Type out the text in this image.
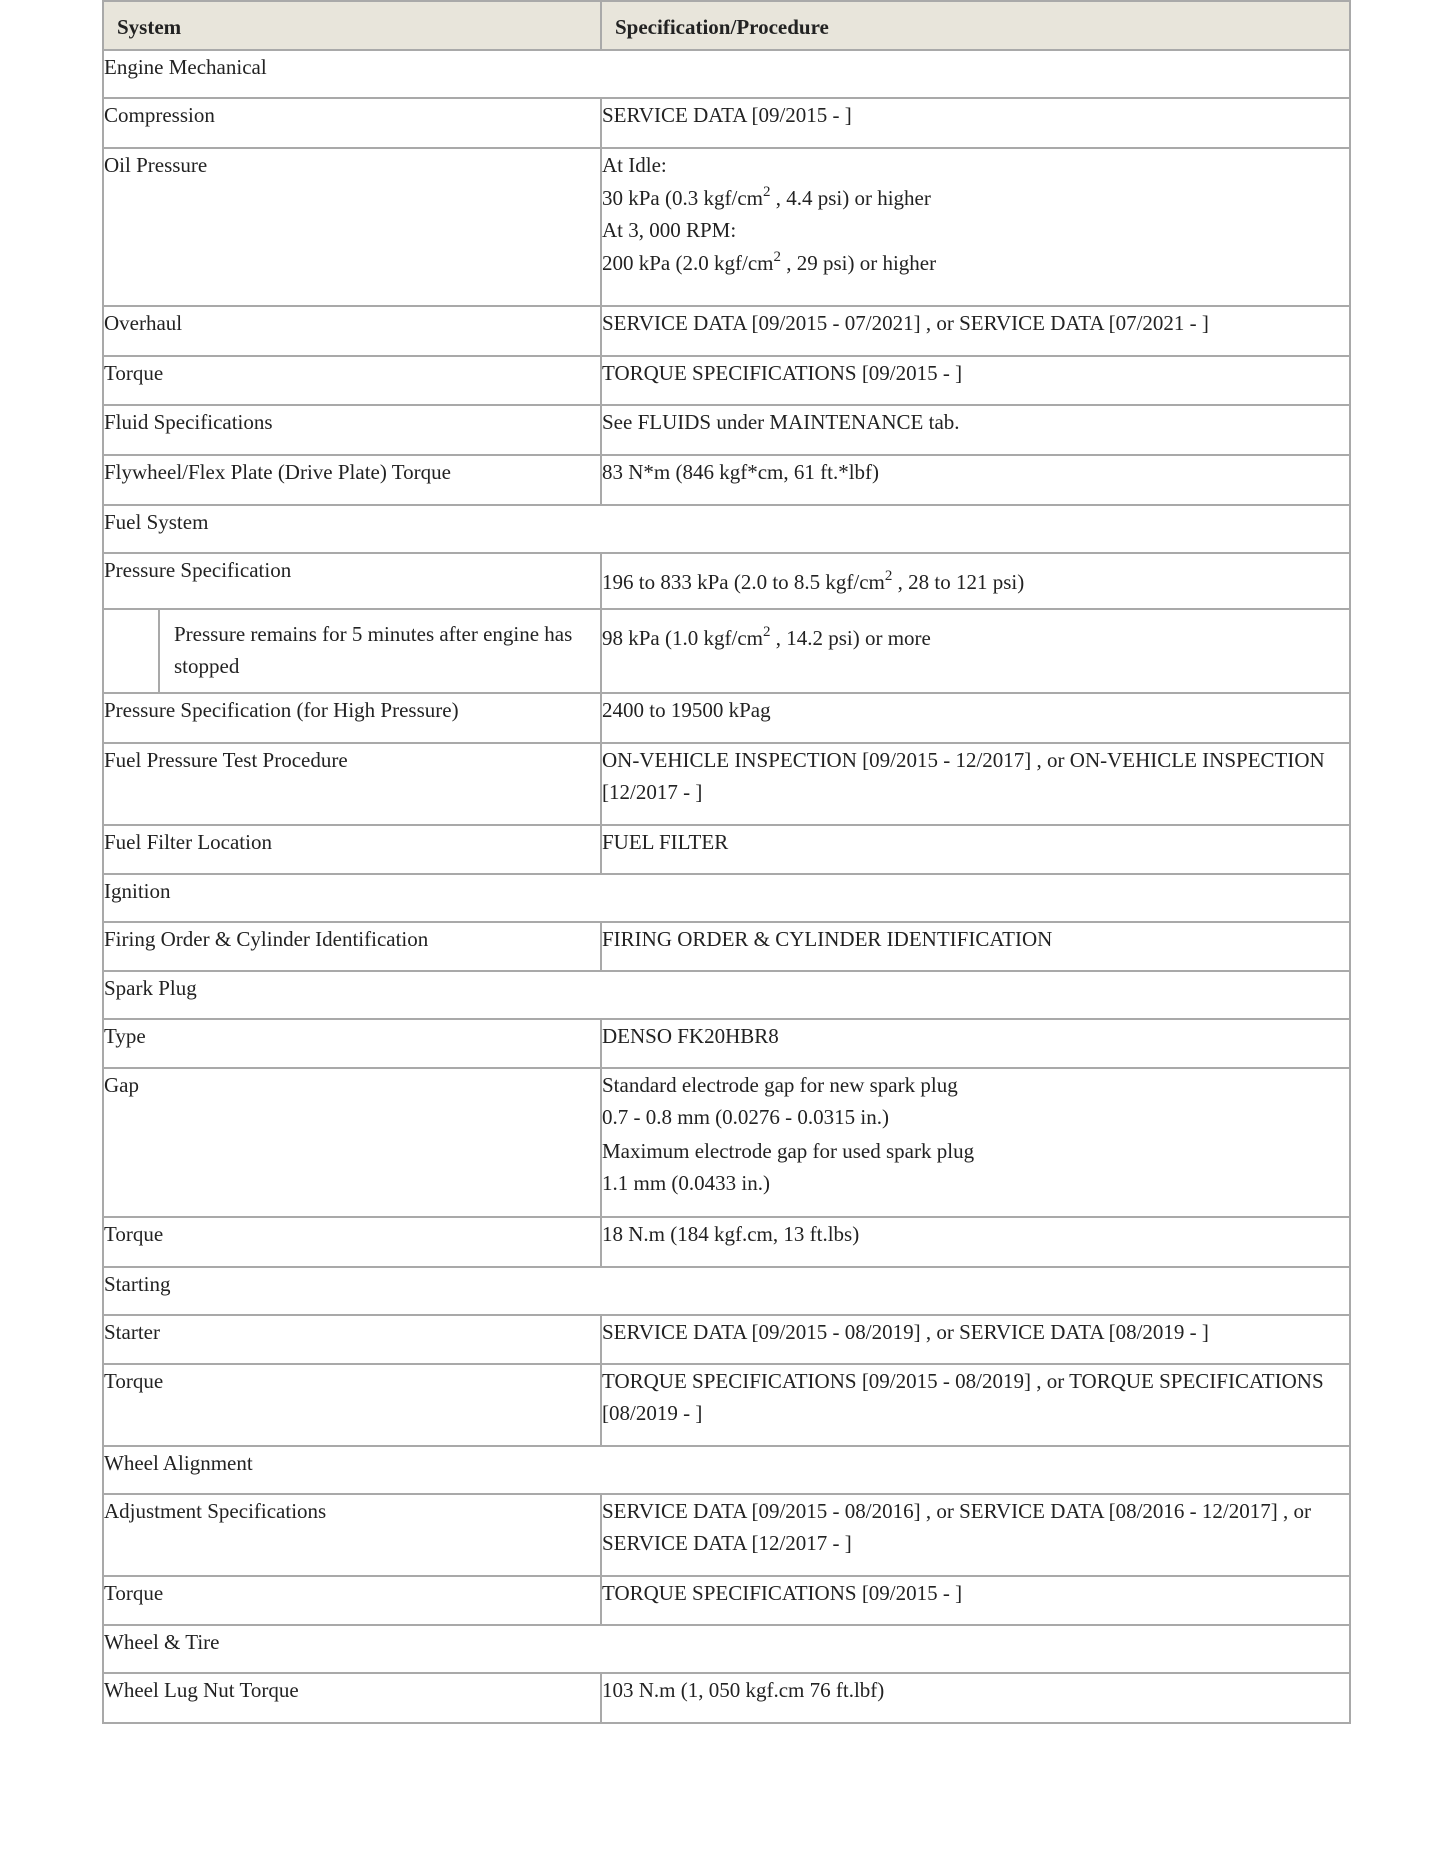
System	Specification/Procedure
Engine Mechanical	
Compression	SERVICE DATA [09/2015 - ]
Oil Pressure	At Idle:
30 kPa (0.3 kgf/$cm^2$ , 4.4 psi) or higher
At 3, 000 RPM:
200 kPa (2.0 kgf/$cm^2$ , 29 psi) or higher

Overhaul	SERVICE DATA [09/2015 - 07/2021] , or SERVICE DATA [07/2021 - ]
Torque	TORQUE SPECIFICATIONS [09/2015 - ]
Fluid Specifications	See FLUIDS under MAINTENANCE tab.
Flywheel/Flex Plate (Drive Plate) Torque	83 N*m (846 kgf*cm, 61 ft.*lbf)
Fuel System	
Pressure Specification	196 to 833 kPa (2.0 to 8.5 kgf/$cm^2$ , 28 to 121 psi)

Pressure remains for 5 minutes after engine has stopped	98 kPa (1.0 kgf/$cm^2$ , 14.2 psi) or more
Pressure Specification (for High Pressure)	2400 to 19500 kPag
Fuel Pressure Test Procedure	ON-VEHICLE INSPECTION [09/2015 - 12/2017] , or ON-VEHICLE INSPECTION [12/2017 - ]
Fuel Filter Location	FUEL FILTER
Ignition	
Firing Order & Cylinder Identification	FIRING ORDER & CYLINDER IDENTIFICATION
Spark Plug	
Type	DENSO FK20HBR8
Gap	Standard electrode gap for new spark plug
0.7 - 0.8 mm (0.0276 - 0.0315 in.)
Maximum electrode gap for used spark plug
1.1 mm (0.0433 in.)

Torque	18 N.m (184 kgf.cm, 13 ft.lbs)
Starting	
Starter	SERVICE DATA [09/2015 - 08/2019] , or SERVICE DATA [08/2019 - ]
Torque	TORQUE SPECIFICATIONS [09/2015 - 08/2019] , or TORQUE SPECIFICATIONS [08/2019 - ]
Wheel Alignment	
Adjustment Specifications	SERVICE DATA [09/2015 - 08/2016] , or SERVICE DATA [08/2016 - 12/2017] , or SERVICE DATA [12/2017 - ]
Torque	TORQUE SPECIFICATIONS [09/2015 - ]
Wheel & Tire	
Wheel Lug Nut Torque	103 N.m (1, 050 kgf.cm 76 ft.lbf)
